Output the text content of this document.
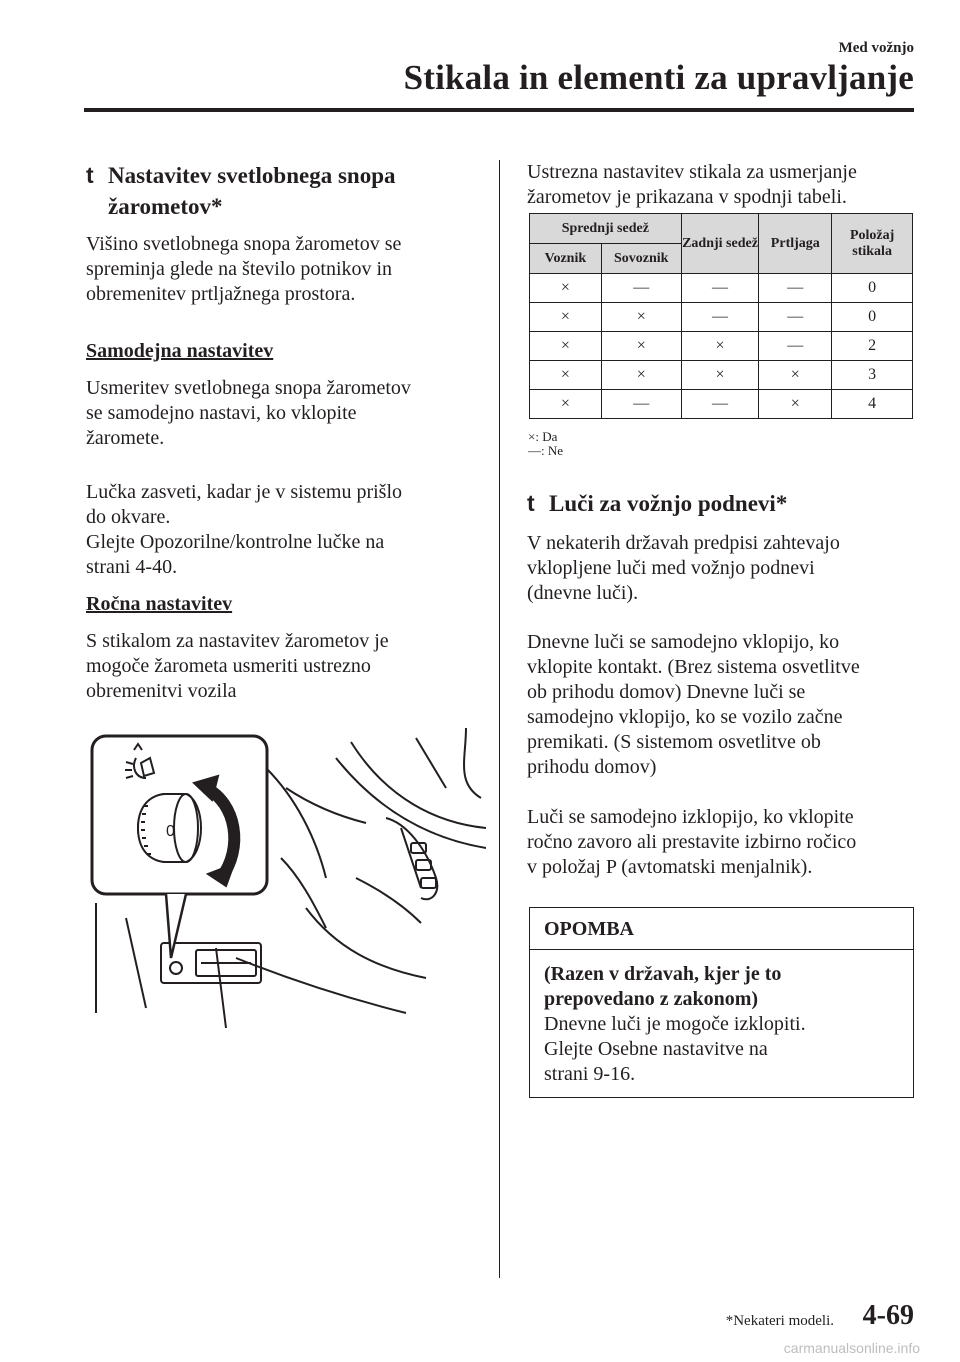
Med vožnjo
Stikala in elementi za upravljanje
t Nastavitev svetlobnega snopa žarometov*
Višino svetlobnega snopa žarometov se
spreminja glede na število potnikov in
obremenitev prtljažnega prostora.
Samodejna nastavitev
Usmeritev svetlobnega snopa žarometov
se samodejno nastavi, ko vklopite
žaromete.
Lučka zasveti, kadar je v sistemu prišlo
do okvare.
Glejte Opozorilne/kontrolne lučke na
strani 4-40.
Ročna nastavitev
S stikalom za nastavitev žarometov je
mogoče žarometa usmeriti ustrezno
obremenitvi vozila
0
Ustrezna nastavitev stikala za usmerjanje
žarometov je prikazana v spodnji tabeli.
Sprednji sedež		Zadnji sedež	Prtljaga	Položaj stikala
Voznik	Sovoznik			
×	—	—	—	0
×	×	—	—	0
×	×	×	—	2
×	×	×	×	3
×	—	—	×	4
×: Da
—: Ne
t Luči za vožnjo podnevi*
V nekaterih državah predpisi zahtevajo
vklopljene luči med vožnjo podnevi
(dnevne luči).
Dnevne luči se samodejno vklopijo, ko
vklopite kontakt. (Brez sistema osvetlitve
ob prihodu domov) Dnevne luči se
samodejno vklopijo, ko se vozilo začne
premikati. (S sistemom osvetlitve ob
prihodu domov)
Luči se samodejno izklopijo, ko vklopite
ročno zavoro ali prestavite izbirno ročico
v položaj P (avtomatski menjalnik).
OPOMBA
(Razen v državah, kjer je to
prepovedano z zakonom)
Dnevne luči je mogoče izklopiti.
Glejte Osebne nastavitve na
strani 9-16.
*Nekateri modeli. 4-69
carmanualsonline.info
